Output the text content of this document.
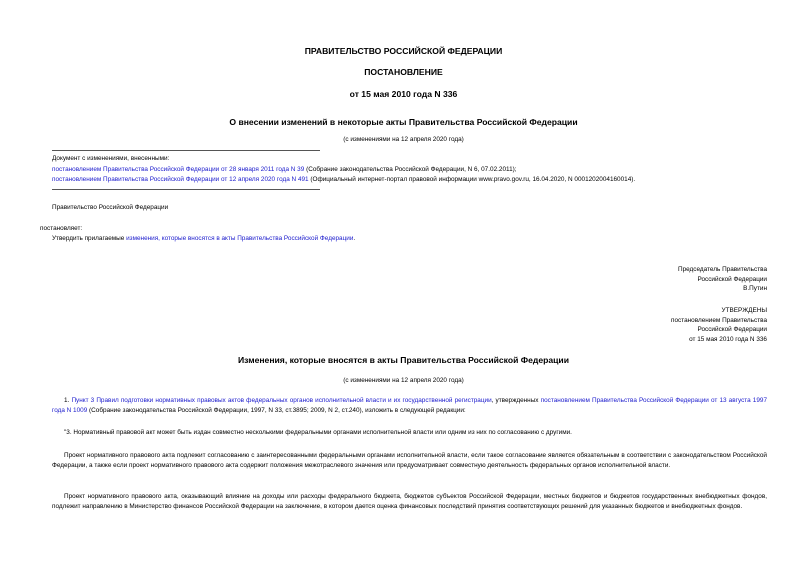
ПРАВИТЕЛЬСТВО РОССИЙСКОЙ ФЕДЕРАЦИИ
ПОСТАНОВЛЕНИЕ
от 15 мая 2010 года N 336
О внесении изменений в некоторые акты Правительства Российской Федерации
(с изменениями на 12 апреля 2020 года)
Документ с изменениями, внесенными:
постановлением Правительства Российской Федерации от 28 января 2011 года N 39 (Собрание законодательства Российской Федерации, N 6, 07.02.2011);
постановлением Правительства Российской Федерации от 12 апреля 2020 года N 491 (Официальный интернет-портал правовой информации www.pravo.gov.ru, 16.04.2020, N 0001202004160014).
Правительство Российской Федерации
постановляет:
Утвердить прилагаемые изменения, которые вносятся в акты Правительства Российской Федерации.
Председатель Правительства
Российской Федерации
В.Путин
УТВЕРЖДЕНЫ
постановлением Правительства
Российской Федерации
от 15 мая 2010 года N 336
Изменения, которые вносятся в акты Правительства Российской Федерации
(с изменениями на 12 апреля 2020 года)
1. Пункт 3 Правил подготовки нормативных правовых актов федеральных органов исполнительной власти и их государственной регистрации, утвержденных постановлением Правительства Российской Федерации от 13 августа 1997 года N 1009 (Собрание законодательства Российской Федерации, 1997, N 33, ст.3895; 2009, N 2, ст.240), изложить в следующей редакции:
"3. Нормативный правовой акт может быть издан совместно несколькими федеральными органами исполнительной власти или одним из них по согласованию с другими.
Проект нормативного правового акта подлежит согласованию с заинтересованными федеральными органами исполнительной власти, если такое согласование является обязательным в соответствии с законодательством Российской Федерации, а также если проект нормативного правового акта содержит положения межотраслевого значения или предусматривает совместную деятельность федеральных органов исполнительной власти.
Проект нормативного правового акта, оказывающий влияние на доходы или расходы федерального бюджета, бюджетов субъектов Российской Федерации, местных бюджетов и бюджетов государственных внебюджетных фондов, подлежит направлению в Министерство финансов Российской Федерации на заключение, в котором дается оценка финансовых последствий принятия соответствующих решений для указанных бюджетов и внебюджетных фондов.
